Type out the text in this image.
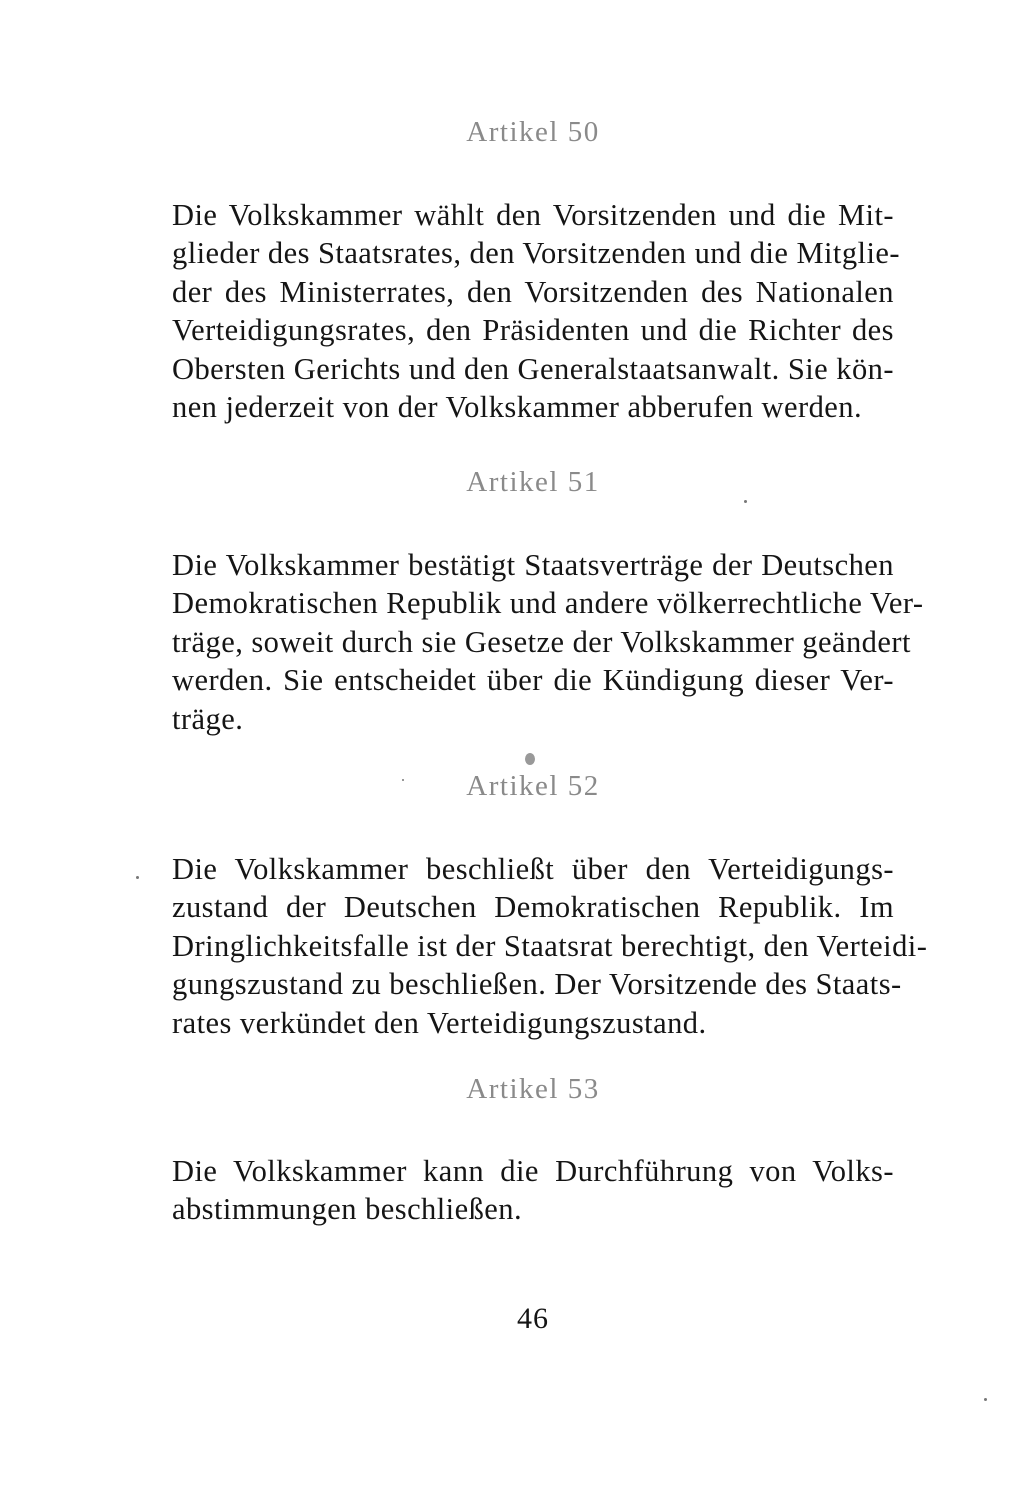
Artikel 50

Die Volkskammer wählt den Vorsitzenden und die Mit-
glieder des Staatsrates, den Vorsitzenden und die Mitglie-
der des Ministerrates, den Vorsitzenden des Nationalen
Verteidigungsrates, den Präsidenten und die Richter des
Obersten Gerichts und den Generalstaatsanwalt. Sie kön-
nen jederzeit von der Volkskammer abberufen werden.

Artikel 51

Die Volkskammer bestätigt Staatsverträge der Deutschen
Demokratischen Republik und andere völkerrechtliche Ver-
träge, soweit durch sie Gesetze der Volkskammer geändert
werden. Sie entscheidet über die Kündigung dieser Ver-
träge.

Artikel 52

Die Volkskammer beschließt über den Verteidigungs-
zustand der Deutschen Demokratischen Republik. Im
Dringlichkeitsfalle ist der Staatsrat berechtigt, den Verteidi-
gungszustand zu beschließen. Der Vorsitzende des Staats-
rates verkündet den Verteidigungszustand.

Artikel 53

Die Volkskammer kann die Durchführung von Volks-
abstimmungen beschließen.

46
